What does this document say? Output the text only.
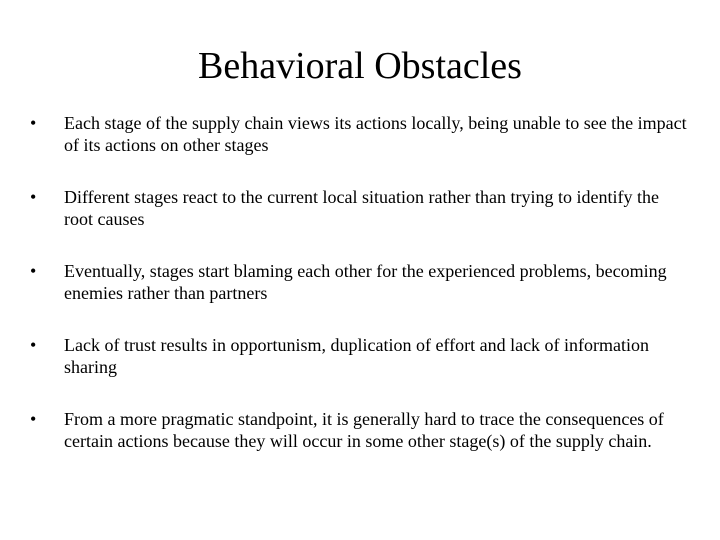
Behavioral Obstacles
•	Each stage of the supply chain views its actions locally, being unable to see the impact of its actions on other stages
•	Different stages react to the current local situation rather than trying to identify the root causes
•	Eventually, stages start blaming each other for the experienced problems, becoming enemies rather than partners
•	Lack of trust results in opportunism, duplication of effort and lack of information sharing
•	From a more pragmatic standpoint, it is generally hard to trace the consequences of certain actions because they will occur in some other stage(s) of the supply chain.
